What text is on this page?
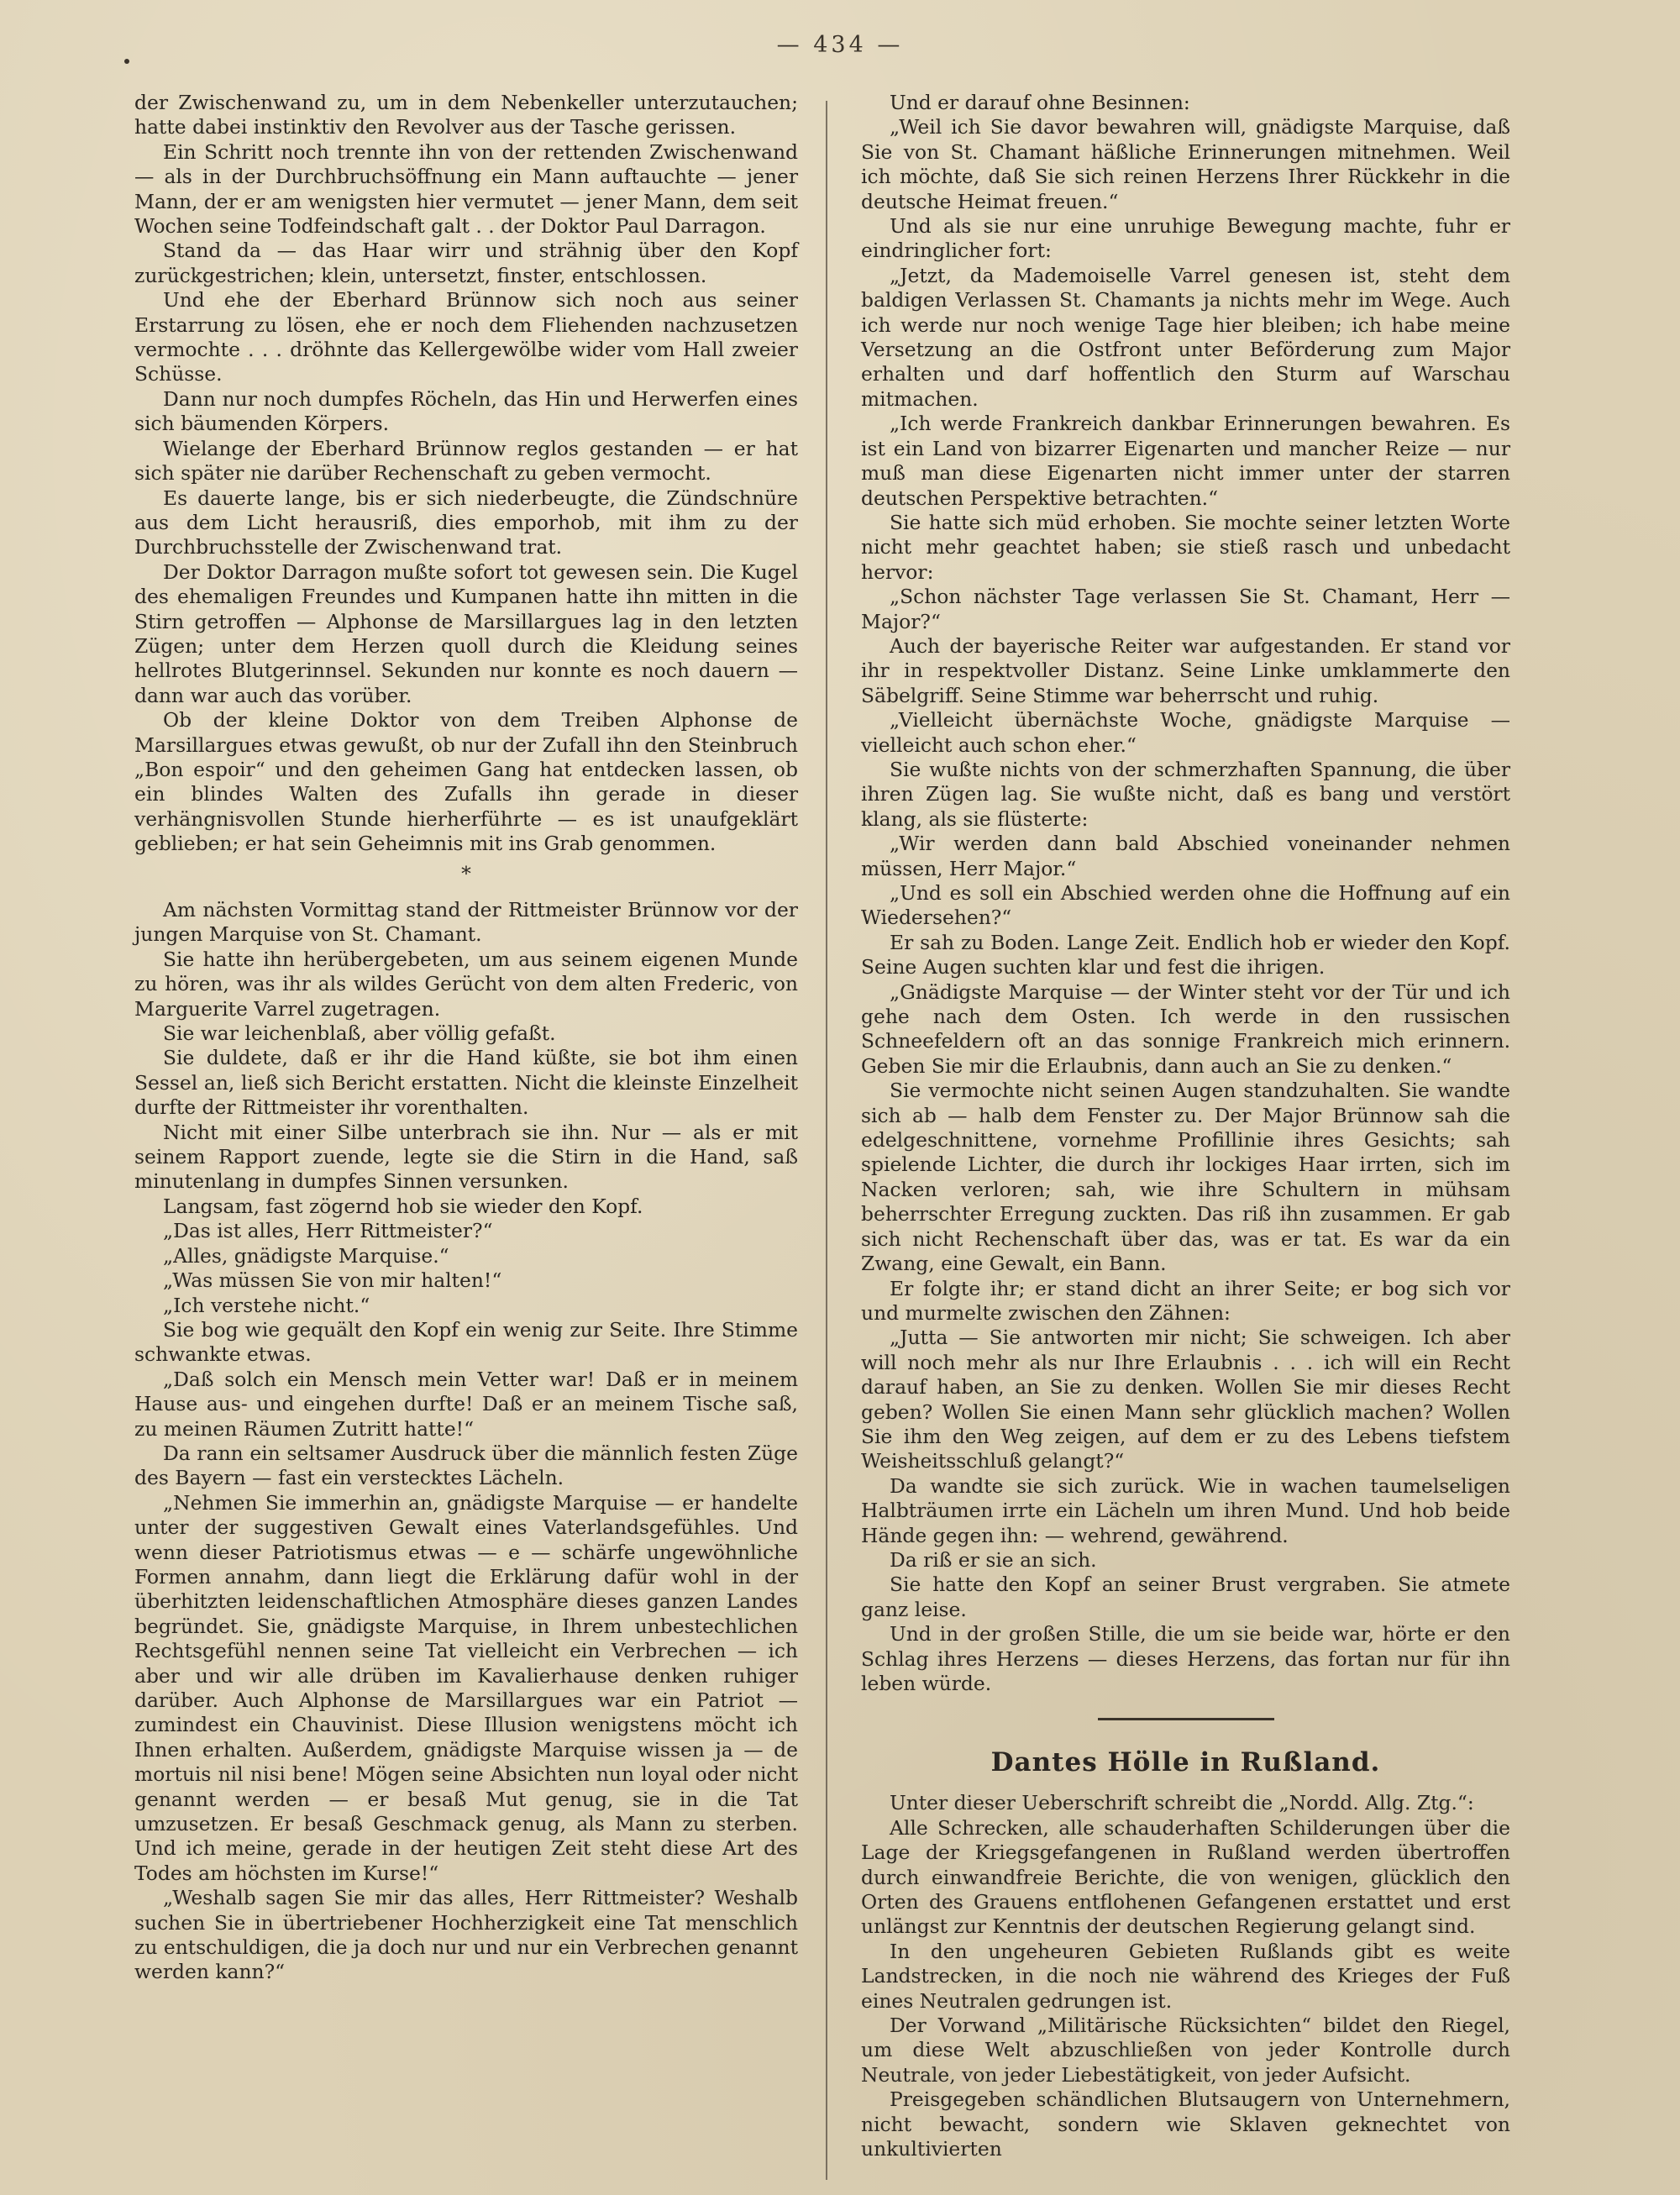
— 434 —

der Zwischenwand zu, um in dem Nebenkeller unterzutauchen; hatte dabei instinktiv den Revolver aus der Tasche gerissen.

Ein Schritt noch trennte ihn von der rettenden Zwischenwand — als in der Durchbruchsöffnung ein Mann auftauchte — jener Mann, der er am wenigsten hier vermutet — jener Mann, dem seit Wochen seine Todfeindschaft galt . . der Doktor Paul Darragon.

Stand da — das Haar wirr und strähnig über den Kopf zurückgestrichen; klein, untersetzt, finster, entschlossen.

Und ehe der Eberhard Brünnow sich noch aus seiner Erstarrung zu lösen, ehe er noch dem Fliehenden nachzusetzen vermochte . . . dröhnte das Kellergewölbe wider vom Hall zweier Schüsse.

Dann nur noch dumpfes Röcheln, das Hin und Herwerfen eines sich bäumenden Körpers.

Wielange der Eberhard Brünnow reglos gestanden — er hat sich später nie darüber Rechenschaft zu geben vermocht.

Es dauerte lange, bis er sich niederbeugte, die Zündschnüre aus dem Licht herausriß, dies emporhob, mit ihm zu der Durchbruchsstelle der Zwischenwand trat.

Der Doktor Darragon mußte sofort tot gewesen sein. Die Kugel des ehemaligen Freundes und Kumpanen hatte ihn mitten in die Stirn getroffen — Alphonse de Marsillargues lag in den letzten Zügen; unter dem Herzen quoll durch die Kleidung seines hellrotes Blutgerinnsel. Sekunden nur konnte es noch dauern — dann war auch das vorüber.

Ob der kleine Doktor von dem Treiben Alphonse de Marsillargues etwas gewußt, ob nur der Zufall ihn den Steinbruch „Bon espoir“ und den geheimen Gang hat entdecken lassen, ob ein blindes Walten des Zufalls ihn gerade in dieser verhängnisvollen Stunde hierherführte — es ist unaufgeklärt geblieben; er hat sein Geheimnis mit ins Grab genommen.

*

Am nächsten Vormittag stand der Rittmeister Brünnow vor der jungen Marquise von St. Chamant.

Sie hatte ihn herübergebeten, um aus seinem eigenen Munde zu hören, was ihr als wildes Gerücht von dem alten Frederic, von Marguerite Varrel zugetragen.

Sie war leichenblaß, aber völlig gefaßt.

Sie duldete, daß er ihr die Hand küßte, sie bot ihm einen Sessel an, ließ sich Bericht erstatten. Nicht die kleinste Einzelheit durfte der Rittmeister ihr vorenthalten.

Nicht mit einer Silbe unterbrach sie ihn. Nur — als er mit seinem Rapport zuende, legte sie die Stirn in die Hand, saß minutenlang in dumpfes Sinnen versunken.

Langsam, fast zögernd hob sie wieder den Kopf.

„Das ist alles, Herr Rittmeister?“

„Alles, gnädigste Marquise.“

„Was müssen Sie von mir halten!“

„Ich verstehe nicht.“

Sie bog wie gequält den Kopf ein wenig zur Seite. Ihre Stimme schwankte etwas.

„Daß solch ein Mensch mein Vetter war! Daß er in meinem Hause aus- und eingehen durfte! Daß er an meinem Tische saß, zu meinen Räumen Zutritt hatte!“

Da rann ein seltsamer Ausdruck über die männlich festen Züge des Bayern — fast ein verstecktes Lächeln.

„Nehmen Sie immerhin an, gnädigste Marquise — er handelte unter der suggestiven Gewalt eines Vaterlandsgefühles. Und wenn dieser Patriotismus etwas — e — schärfe ungewöhnliche Formen annahm, dann liegt die Erklärung dafür wohl in der überhitzten leidenschaftlichen Atmosphäre dieses ganzen Landes begründet. Sie, gnädigste Marquise, in Ihrem unbestechlichen Rechtsgefühl nennen seine Tat vielleicht ein Verbrechen — ich aber und wir alle drüben im Kavalierhause denken ruhiger darüber. Auch Alphonse de Marsillargues war ein Patriot — zumindest ein Chauvinist. Diese Illusion wenigstens möcht ich Ihnen erhalten. Außerdem, gnädigste Marquise wissen ja — de mortuis nil nisi bene! Mögen seine Absichten nun loyal oder nicht genannt werden — er besaß Mut genug, sie in die Tat umzusetzen. Er besaß Geschmack genug, als Mann zu sterben. Und ich meine, gerade in der heutigen Zeit steht diese Art des Todes am höchsten im Kurse!“

„Weshalb sagen Sie mir das alles, Herr Rittmeister? Weshalb suchen Sie in übertriebener Hochherzigkeit eine Tat menschlich zu entschuldigen, die ja doch nur und nur ein Verbrechen genannt werden kann?“

Und er darauf ohne Besinnen:

„Weil ich Sie davor bewahren will, gnädigste Marquise, daß Sie von St. Chamant häßliche Erinnerungen mitnehmen. Weil ich möchte, daß Sie sich reinen Herzens Ihrer Rückkehr in die deutsche Heimat freuen.“

Und als sie nur eine unruhige Bewegung machte, fuhr er eindringlicher fort:

„Jetzt, da Mademoiselle Varrel genesen ist, steht dem baldigen Verlassen St. Chamants ja nichts mehr im Wege. Auch ich werde nur noch wenige Tage hier bleiben; ich habe meine Versetzung an die Ostfront unter Beförderung zum Major erhalten und darf hoffentlich den Sturm auf Warschau mitmachen.

„Ich werde Frankreich dankbar Erinnerungen bewahren. Es ist ein Land von bizarrer Eigenarten und mancher Reize — nur muß man diese Eigenarten nicht immer unter der starren deutschen Perspektive betrachten.“

Sie hatte sich müd erhoben. Sie mochte seiner letzten Worte nicht mehr geachtet haben; sie stieß rasch und unbedacht hervor:

„Schon nächster Tage verlassen Sie St. Chamant, Herr — Major?“

Auch der bayerische Reiter war aufgestanden. Er stand vor ihr in respektvoller Distanz. Seine Linke umklammerte den Säbelgriff. Seine Stimme war beherrscht und ruhig.

„Vielleicht übernächste Woche, gnädigste Marquise — vielleicht auch schon eher.“

Sie wußte nichts von der schmerzhaften Spannung, die über ihren Zügen lag. Sie wußte nicht, daß es bang und verstört klang, als sie flüsterte:

„Wir werden dann bald Abschied voneinander nehmen müssen, Herr Major.“

„Und es soll ein Abschied werden ohne die Hoffnung auf ein Wiedersehen?“

Er sah zu Boden. Lange Zeit. Endlich hob er wieder den Kopf. Seine Augen suchten klar und fest die ihrigen.

„Gnädigste Marquise — der Winter steht vor der Tür und ich gehe nach dem Osten. Ich werde in den russischen Schneefeldern oft an das sonnige Frankreich mich erinnern. Geben Sie mir die Erlaubnis, dann auch an Sie zu denken.“

Sie vermochte nicht seinen Augen standzuhalten. Sie wandte sich ab — halb dem Fenster zu. Der Major Brünnow sah die edelgeschnittene, vornehme Profillinie ihres Gesichts; sah spielende Lichter, die durch ihr lockiges Haar irrten, sich im Nacken verloren; sah, wie ihre Schultern in mühsam beherrschter Erregung zuckten. Das riß ihn zusammen. Er gab sich nicht Rechenschaft über das, was er tat. Es war da ein Zwang, eine Gewalt, ein Bann.

Er folgte ihr; er stand dicht an ihrer Seite; er bog sich vor und murmelte zwischen den Zähnen:

„Jutta — Sie antworten mir nicht; Sie schweigen. Ich aber will noch mehr als nur Ihre Erlaubnis . . . ich will ein Recht darauf haben, an Sie zu denken. Wollen Sie mir dieses Recht geben? Wollen Sie einen Mann sehr glücklich machen? Wollen Sie ihm den Weg zeigen, auf dem er zu des Lebens tiefstem Weisheitsschluß gelangt?“

Da wandte sie sich zurück. Wie in wachen taumelseligen Halbträumen irrte ein Lächeln um ihren Mund. Und hob beide Hände gegen ihn: — wehrend, gewährend.

Da riß er sie an sich.

Sie hatte den Kopf an seiner Brust vergraben. Sie atmete ganz leise.

Und in der großen Stille, die um sie beide war, hörte er den Schlag ihres Herzens — dieses Herzens, das fortan nur für ihn leben würde.

Dantes Hölle in Rußland.

Unter dieser Ueberschrift schreibt die „Nordd. Allg. Ztg.“:

Alle Schrecken, alle schauderhaften Schilderungen über die Lage der Kriegsgefangenen in Rußland werden übertroffen durch einwandfreie Berichte, die von wenigen, glücklich den Orten des Grauens entflohenen Gefangenen erstattet und erst unlängst zur Kenntnis der deutschen Regierung gelangt sind.

In den ungeheuren Gebieten Rußlands gibt es weite Landstrecken, in die noch nie während des Krieges der Fuß eines Neutralen gedrungen ist.

Der Vorwand „Militärische Rücksichten“ bildet den Riegel, um diese Welt abzuschließen von jeder Kontrolle durch Neutrale, von jeder Liebestätigkeit, von jeder Aufsicht.

Preisgegeben schändlichen Blutsaugern von Unternehmern, nicht bewacht, sondern wie Sklaven geknechtet von unkultivierten
